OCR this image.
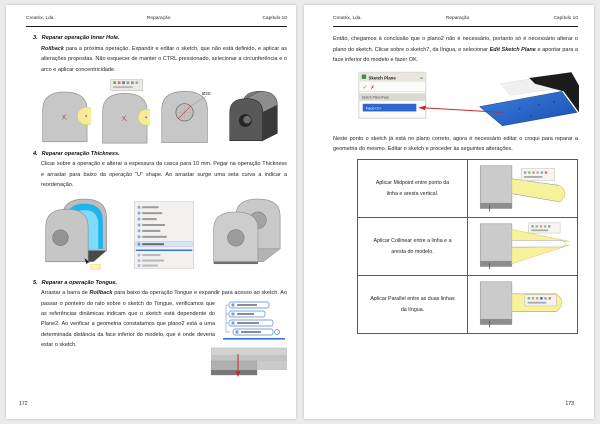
Creatrix, Lda.	Reparação	Capítulo 10
3. Reparar operação Inner Hole.

Rollback para a próxima operação. Expandir e editar o sketch, que não está definido, e aplicar as alterações propostas. Não esquecer de manter o CTRL pressionado, selecionar a circunferência e o arco e aplicar concentricidade.

Ø25
4. Reparar operação Thickness.

Clicar sobre a operação e alterar a espessura da casca para 10 mm. Pegar na operação Thickness e arrastar para baixo da operação “U” shape. Ao arrastar surge uma seta curva a indicar a reordenação.

5. Reparar a operação Tongue.

Arrastar a barra de Rollback para baixo da operação Tongue e expandir para acesso ao sketch. Ao passar o ponteiro do rato sobre o sketch do Tongue,
verificamos que as referências dinâmicas indicam que o sketch está dependente do Plane2. Ao verificar a geometria constatamos que plano2 está a uma determinada distância da face inferior do modelo, que é onde deveria estar o sketch.

172
Creatrix, Lda.	Reparação	Capítulo 10

Então, chegamos à conclusão que o plano2 não é necessário, portanto só é necessário alterar o plano do sketch. Clicar sobre o sketch7, da língua, e selecionar Edit Sketch Plane e apontar para a face inferior do modelo e fazer OK.

Sketch Plane	≡
✓ ✗
Sketch Plane/Face
Face<1>

Neste ponto o sketch já está no plano correto, agora é necessário editar o croqui para reparar a geometria do mesmo. Editar o sketch e proceder às seguintes alterações.

Aplicar Midpoint entre ponto da linha e aresta vertical.	
Aplicar Collinear entre a linha e a aresta do modelo.	
Aplicar Parallel entre as duas linhas da língua.	
173
